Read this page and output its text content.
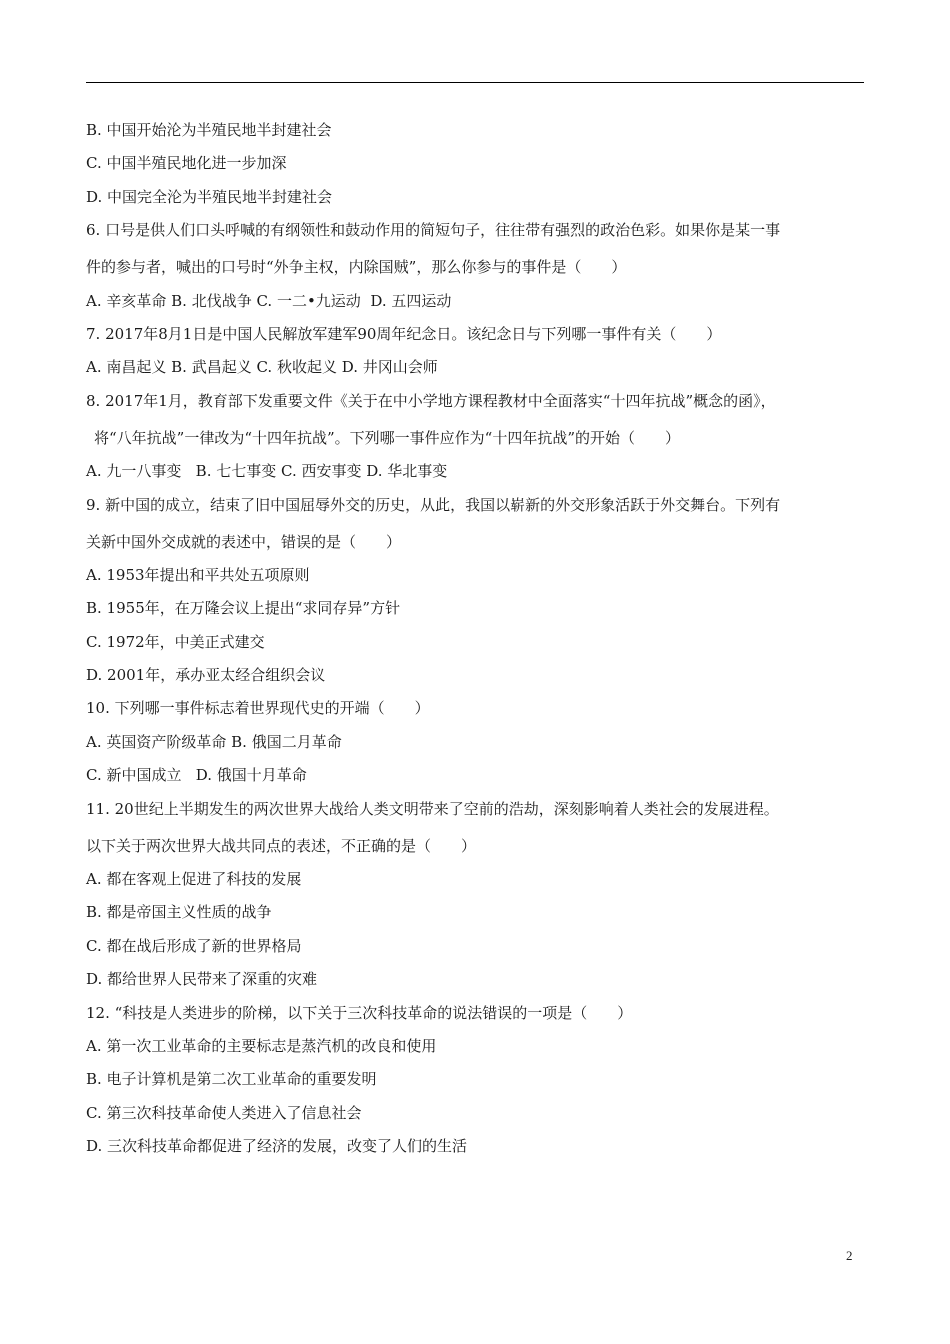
B. 中国开始沦为半殖民地半封建社会
C. 中国半殖民地化进一步加深
D. 中国完全沦为半殖民地半封建社会
6. 口号是供人们口头呼喊的有纲领性和鼓动作用的简短句子，往往带有强烈的政治色彩。如果你是某一事
件的参与者，喊出的口号时“外争主权，内除国贼”，那么你参与的事件是（　　）
A. 辛亥革命 B. 北伐战争 C. 一二•九运动  D. 五四运动
7. 2017年8月1日是中国人民解放军建军90周年纪念日。该纪念日与下列哪一事件有关（　　）
A. 南昌起义 B. 武昌起义 C. 秋收起义 D. 井冈山会师
8. 2017年1月，教育部下发重要文件《关于在中小学地方课程教材中全面落实“十四年抗战”概念的函》，
将“八年抗战”一律改为“十四年抗战”。下列哪一事件应作为“十四年抗战”的开始（　　）
A. 九一八事变   B. 七七事变 C. 西安事变 D. 华北事变
9. 新中国的成立，结束了旧中国屈辱外交的历史，从此，我国以崭新的外交形象活跃于外交舞台。下列有
关新中国外交成就的表述中，错误的是（　　）
A. 1953年提出和平共处五项原则
B. 1955年，在万隆会议上提出“求同存异”方针
C. 1972年，中美正式建交
D. 2001年，承办亚太经合组织会议
10. 下列哪一事件标志着世界现代史的开端（　　）
A. 英国资产阶级革命 B. 俄国二月革命
C. 新中国成立   D. 俄国十月革命
11. 20世纪上半期发生的两次世界大战给人类文明带来了空前的浩劫，深刻影响着人类社会的发展进程。
以下关于两次世界大战共同点的表述，不正确的是（　　）
A. 都在客观上促进了科技的发展
B. 都是帝国主义性质的战争
C. 都在战后形成了新的世界格局
D. 都给世界人民带来了深重的灾难
12. “科技是人类进步的阶梯，以下关于三次科技革命的说法错误的一项是（　　）
A. 第一次工业革命的主要标志是蒸汽机的改良和使用
B. 电子计算机是第二次工业革命的重要发明
C. 第三次科技革命使人类进入了信息社会
D. 三次科技革命都促进了经济的发展，改变了人们的生活
2
